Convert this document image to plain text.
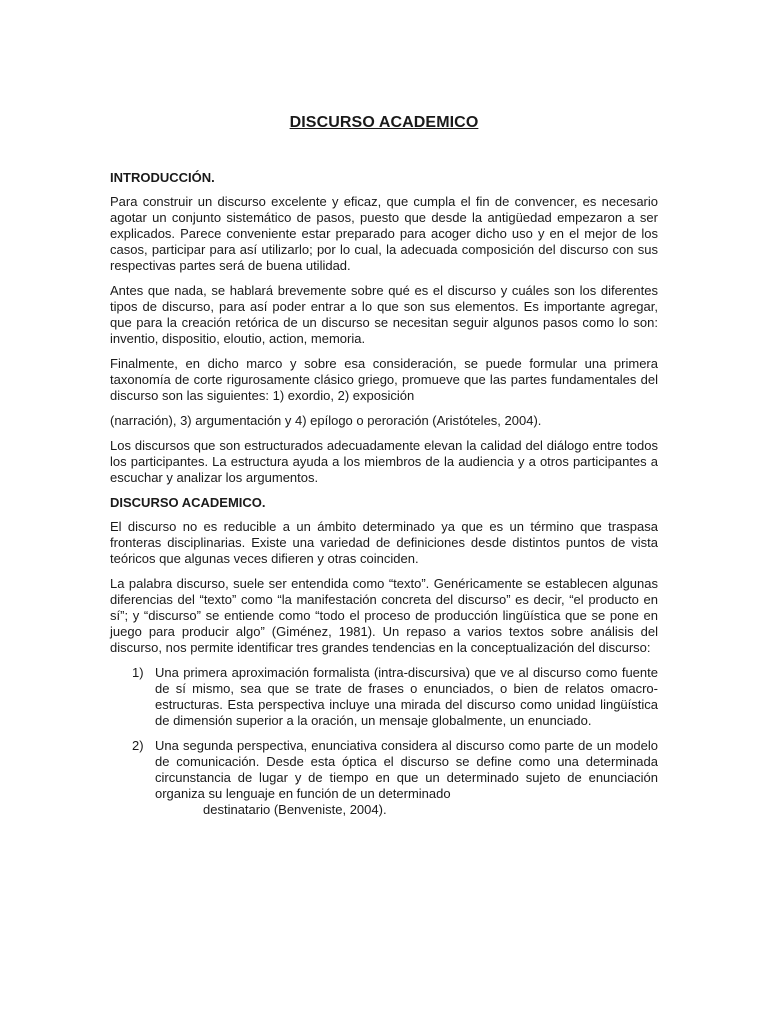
DISCURSO ACADEMICO
INTRODUCCIÓN.

Para construir un discurso excelente y eficaz, que cumpla el fin de convencer, es necesario agotar un conjunto sistemático de pasos, puesto que desde la antigüedad empezaron a ser explicados. Parece conveniente estar preparado para acoger dicho uso y en el mejor de los casos, participar para así utilizarlo; por lo cual, la adecuada composición del discurso con sus respectivas partes será de buena utilidad.

Antes que nada, se hablará brevemente sobre qué es el discurso y cuáles son los diferentes tipos de discurso, para así poder entrar a lo que son sus elementos. Es importante agregar, que para la creación retórica de un discurso se necesitan seguir algunos pasos como lo son: inventio, dispositio, eloutio, action, memoria.

Finalmente, en dicho marco y sobre esa consideración, se puede formular una primera taxonomía de corte rigurosamente clásico griego, promueve que las partes fundamentales del discurso son las siguientes: 1) exordio, 2) exposición

(narración), 3) argumentación y 4) epílogo o peroración (Aristóteles, 2004).

Los discursos que son estructurados adecuadamente elevan la calidad del diálogo entre todos los participantes. La estructura ayuda a los miembros de la audiencia y a otros participantes a escuchar y analizar los argumentos.

DISCURSO ACADEMICO.

El discurso no es reducible a un ámbito determinado ya que es un término que traspasa fronteras disciplinarias. Existe una variedad de definiciones desde distintos puntos de vista teóricos que algunas veces difieren y otras coinciden.

La palabra discurso, suele ser entendida como “texto”. Genéricamente se establecen algunas diferencias del “texto” como “la manifestación concreta del discurso” es decir, “el producto en sí”; y “discurso” se entiende como “todo el proceso de producción lingüística que se pone en juego para producir algo” (Giménez, 1981). Un repaso a varios textos sobre análisis del discurso, nos permite identificar tres grandes tendencias en la conceptualización del discurso:

1) Una primera aproximación formalista (intra-discursiva) que ve al discurso como fuente de sí mismo, sea que se trate de frases o enunciados, o bien de relatos omacro- estructuras. Esta perspectiva incluye una mirada del discurso como unidad lingüística de dimensión superior a la oración, un mensaje globalmente, un enunciado.
2) Una segunda perspectiva, enunciativa considera al discurso como parte de un modelo de comunicación. Desde esta óptica el discurso se define como una determinada circunstancia de lugar y de tiempo en que un determinado sujeto de enunciación organiza su lenguaje en función de un determinado
destinatario (Benveniste, 2004).
